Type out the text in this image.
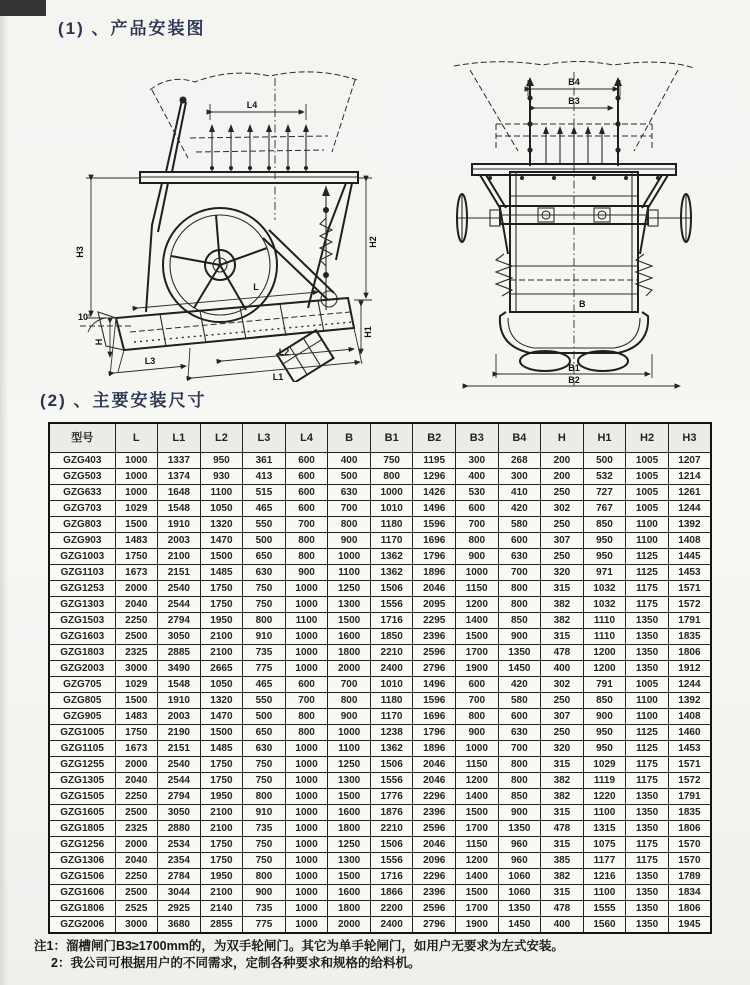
(1) 、产品安装图
L4
H3
H2
H1
H
10°
L
L2
L3
L1
B4
B3
B
B1
B2
(2) 、主要安装尺寸
型号	L	L1	L2	L3	L4	B	B1	B2	B3	B4	H	H1	H2	H3
GZG403	1000	1337	950	361	600	400	750	1195	300	268	200	500	1005	1207
GZG503	1000	1374	930	413	600	500	800	1296	400	300	200	532	1005	1214
GZG633	1000	1648	1100	515	600	630	1000	1426	530	410	250	727	1005	1261
GZG703	1029	1548	1050	465	600	700	1010	1496	600	420	302	767	1005	1244
GZG803	1500	1910	1320	550	700	800	1180	1596	700	580	250	850	1100	1392
GZG903	1483	2003	1470	500	800	900	1170	1696	800	600	307	950	1100	1408
GZG1003	1750	2100	1500	650	800	1000	1362	1796	900	630	250	950	1125	1445
GZG1103	1673	2151	1485	630	900	1100	1362	1896	1000	700	320	971	1125	1453
GZG1253	2000	2540	1750	750	1000	1250	1506	2046	1150	800	315	1032	1175	1571
GZG1303	2040	2544	1750	750	1000	1300	1556	2095	1200	800	382	1032	1175	1572
GZG1503	2250	2794	1950	800	1100	1500	1716	2295	1400	850	382	1110	1350	1791
GZG1603	2500	3050	2100	910	1000	1600	1850	2396	1500	900	315	1110	1350	1835
GZG1803	2325	2885	2100	735	1000	1800	2210	2596	1700	1350	478	1200	1350	1806
GZG2003	3000	3490	2665	775	1000	2000	2400	2796	1900	1450	400	1200	1350	1912
GZG705	1029	1548	1050	465	600	700	1010	1496	600	420	302	791	1005	1244
GZG805	1500	1910	1320	550	700	800	1180	1596	700	580	250	850	1100	1392
GZG905	1483	2003	1470	500	800	900	1170	1696	800	600	307	900	1100	1408
GZG1005	1750	2190	1500	650	800	1000	1238	1796	900	630	250	950	1125	1460
GZG1105	1673	2151	1485	630	1000	1100	1362	1896	1000	700	320	950	1125	1453
GZG1255	2000	2540	1750	750	1000	1250	1506	2046	1150	800	315	1029	1175	1571
GZG1305	2040	2544	1750	750	1000	1300	1556	2046	1200	800	382	1119	1175	1572
GZG1505	2250	2794	1950	800	1000	1500	1776	2296	1400	850	382	1220	1350	1791
GZG1605	2500	3050	2100	910	1000	1600	1876	2396	1500	900	315	1100	1350	1835
GZG1805	2325	2880	2100	735	1000	1800	2210	2596	1700	1350	478	1315	1350	1806
GZG1256	2000	2534	1750	750	1000	1250	1506	2046	1150	960	315	1075	1175	1570
GZG1306	2040	2354	1750	750	1000	1300	1556	2096	1200	960	385	1177	1175	1570
GZG1506	2250	2784	1950	800	1000	1500	1716	2296	1400	1060	382	1216	1350	1789
GZG1606	2500	3044	2100	900	1000	1600	1866	2396	1500	1060	315	1100	1350	1834
GZG1806	2525	2925	2140	735	1000	1800	2200	2596	1700	1350	478	1555	1350	1806
GZG2006	3000	3680	2855	775	1000	2000	2400	2796	1900	1450	400	1560	1350	1945
注1：溜槽闸门B3≥1700mm的，为双手轮闸门。其它为单手轮闸门，如用户无要求为左式安装。
2：我公司可根据用户的不同需求，定制各种要求和规格的给料机。
